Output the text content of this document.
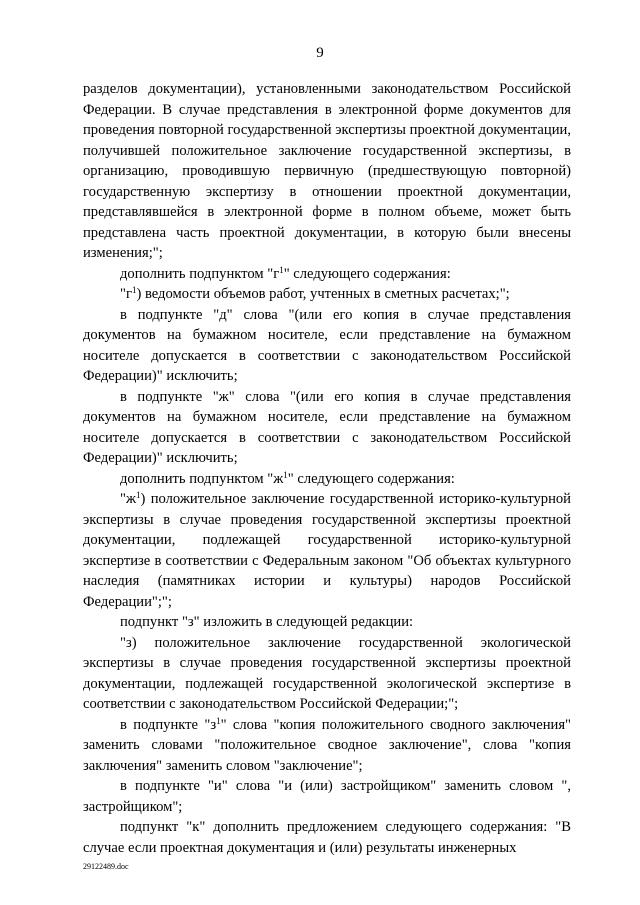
9

разделов документации), установленными законодательством Российской Федерации. В случае представления в электронной форме документов для проведения повторной государственной экспертизы проектной документации, получившей положительное заключение государственной экспертизы, в организацию, проводившую первичную (предшествующую повторной) государственную экспертизу в отношении проектной документации, представлявшейся в электронной форме в полном объеме, может быть представлена часть проектной документации, в которую были внесены изменения;";

дополнить подпунктом "$г^1$" следующего содержания:

"$г^1$) ведомости объемов работ, учтенных в сметных расчетах;";

в подпункте "д" слова "(или его копия в случае представления документов на бумажном носителе, если представление на бумажном носителе допускается в соответствии с законодательством Российской Федерации)" исключить;

в подпункте "ж" слова "(или его копия в случае представления документов на бумажном носителе, если представление на бумажном носителе допускается в соответствии с законодательством Российской Федерации)" исключить;

дополнить подпунктом "$ж^1$" следующего содержания:

"$ж^1$) положительное заключение государственной историко-культурной экспертизы в случае проведения государственной экспертизы проектной документации, подлежащей государственной историко-культурной экспертизе в соответствии с Федеральным законом "Об объектах культурного наследия (памятниках истории и культуры) народов Российской Федерации";";

подпункт "з" изложить в следующей редакции:

"з) положительное заключение государственной экологической экспертизы в случае проведения государственной экспертизы проектной документации, подлежащей государственной экологической экспертизе в соответствии с законодательством Российской Федерации;";

в подпункте "$з^1$" слова "копия положительного сводного заключения" заменить словами "положительное сводное заключение", слова "копия заключения" заменить словом "заключение";

в подпункте "и" слова "и (или) застройщиком" заменить словом ", застройщиком";

подпункт "к" дополнить предложением следующего содержания: "В случае если проектная документация и (или) результаты инженерных

29122489.doc
